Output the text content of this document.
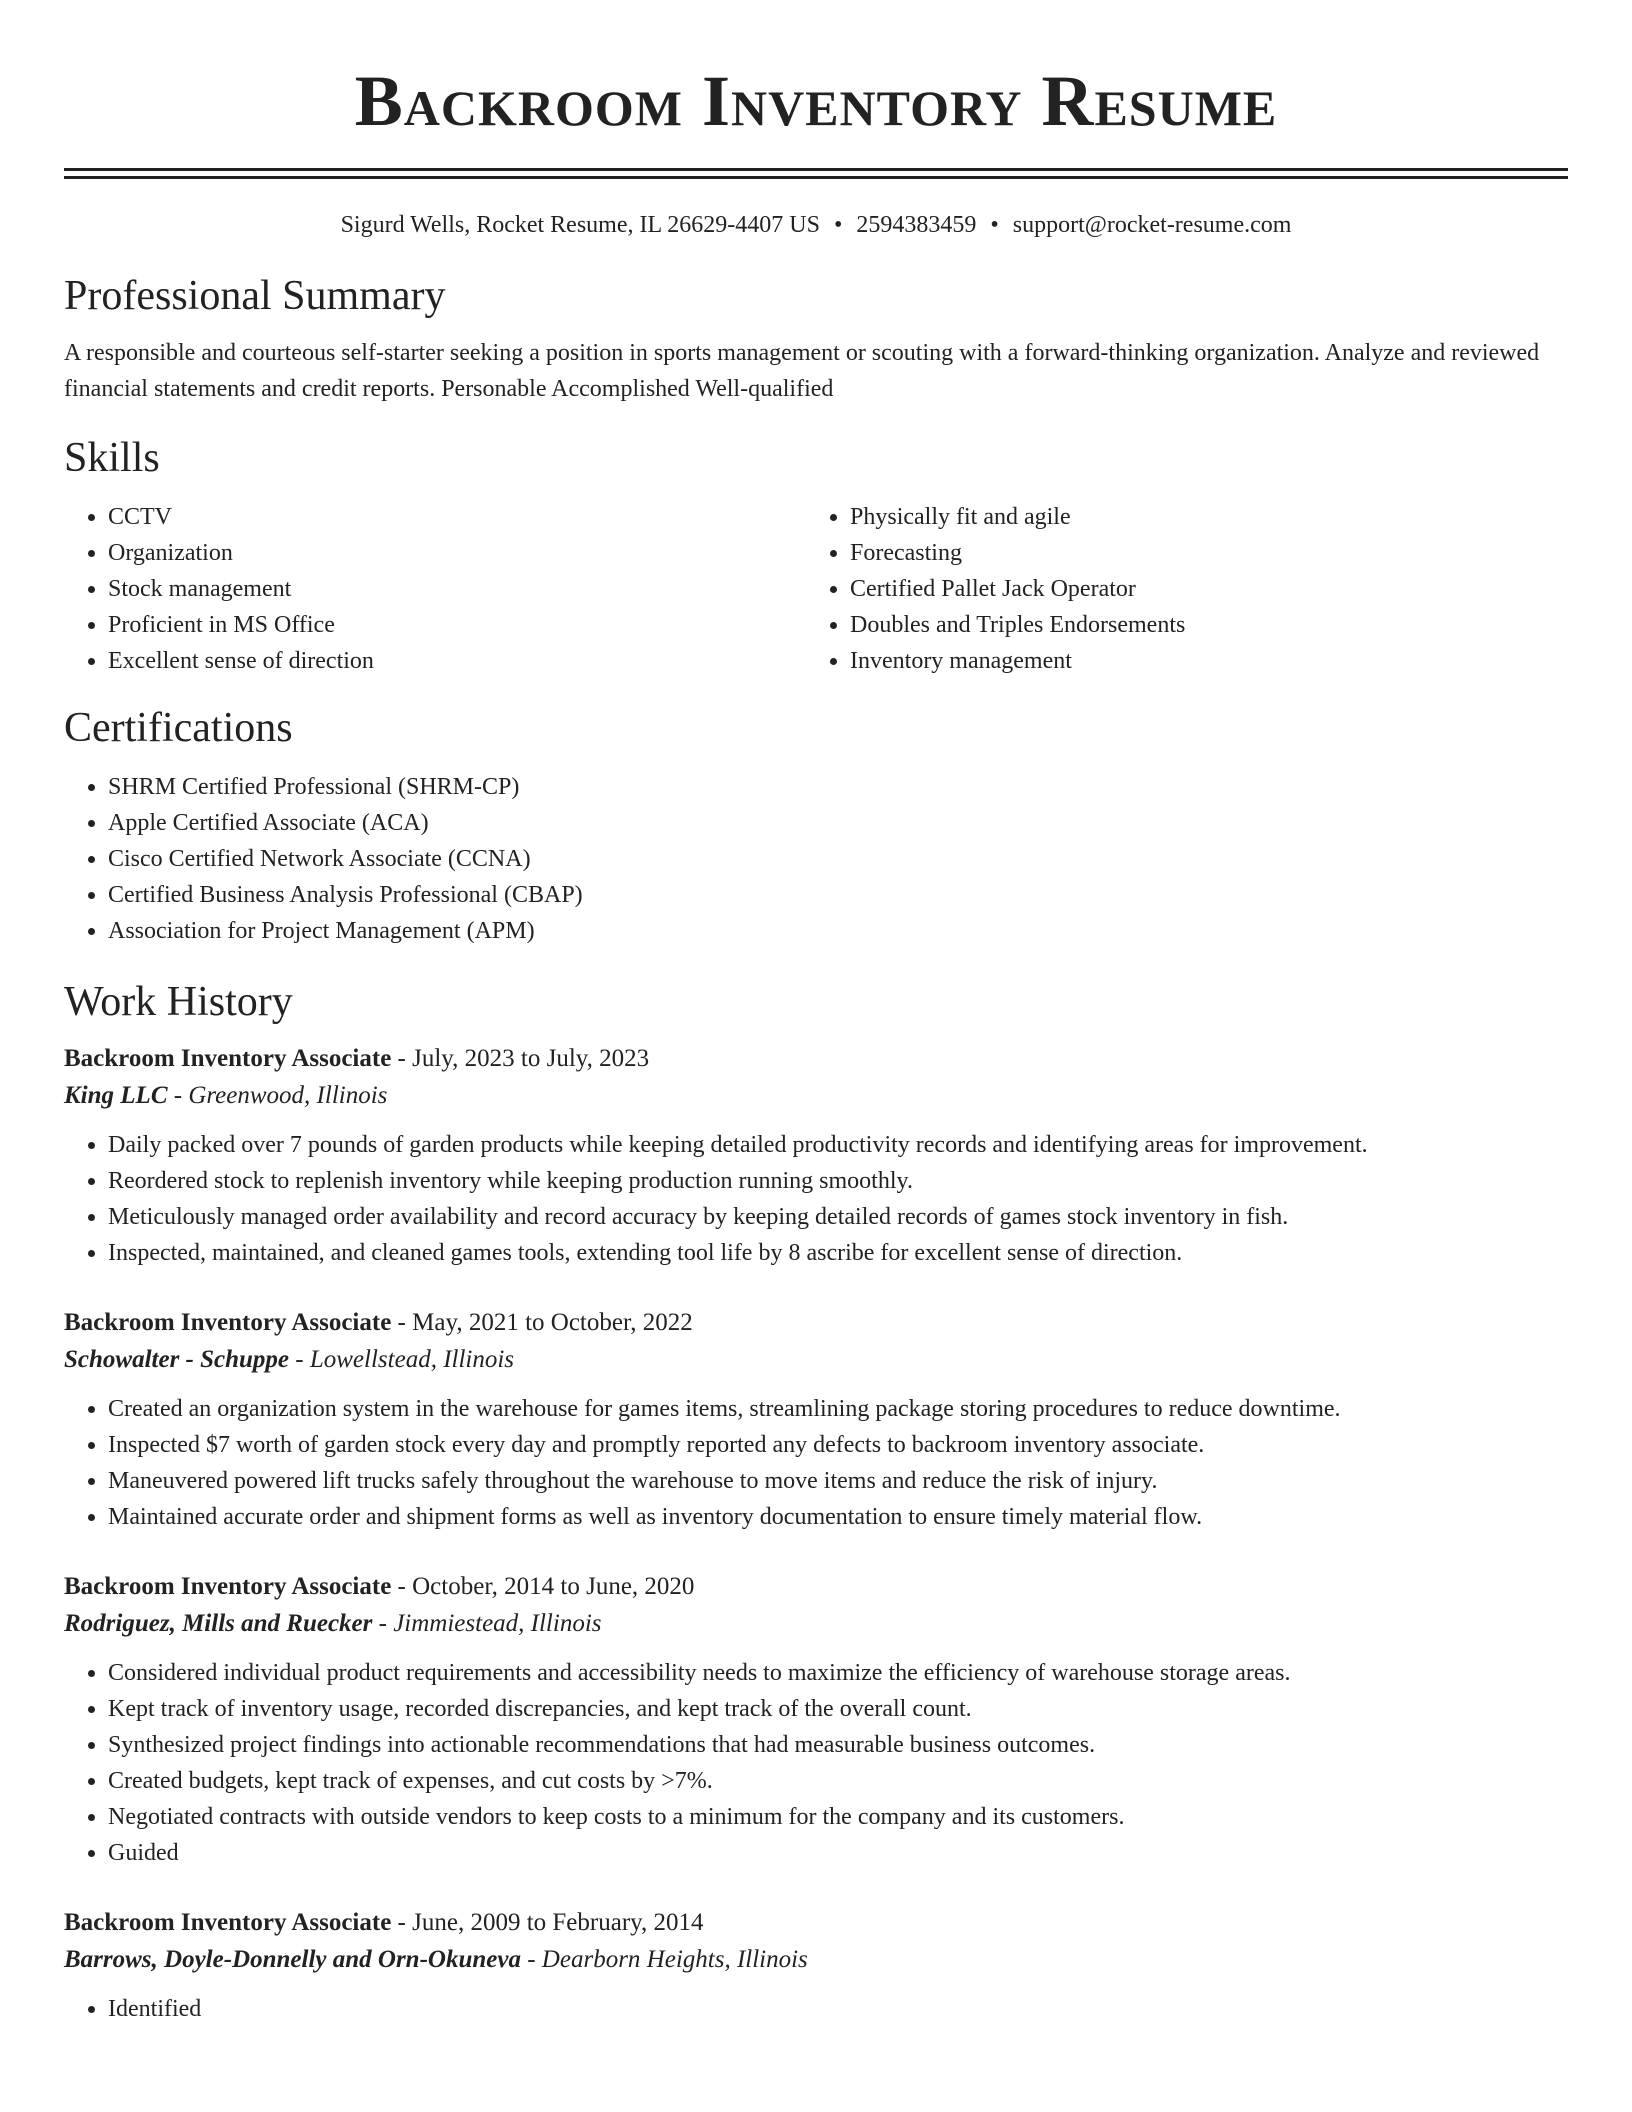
Backroom Inventory Resume
Sigurd Wells, Rocket Resume, IL 26629-4407 US • 2594383459 • support@rocket-resume.com
Professional Summary

A responsible and courteous self-starter seeking a position in sports management or scouting with a forward-thinking organization. Analyze and reviewed financial statements and credit reports. Personable Accomplished Well-qualified

Skills
• CCTV
• Organization
• Stock management
• Proficient in MS Office
• Excellent sense of direction
• Physically fit and agile
• Forecasting
• Certified Pallet Jack Operator
• Doubles and Triples Endorsements
• Inventory management
Certifications
• SHRM Certified Professional (SHRM-CP)
• Apple Certified Associate (ACA)
• Cisco Certified Network Associate (CCNA)
• Certified Business Analysis Professional (CBAP)
• Association for Project Management (APM)
Work History
Backroom Inventory Associate - July, 2023 to July, 2023
King LLC - Greenwood, Illinois
• Daily packed over 7 pounds of garden products while keeping detailed productivity records and identifying areas for improvement.
• Reordered stock to replenish inventory while keeping production running smoothly.
• Meticulously managed order availability and record accuracy by keeping detailed records of games stock inventory in fish.
• Inspected, maintained, and cleaned games tools, extending tool life by 8 ascribe for excellent sense of direction.
Backroom Inventory Associate - May, 2021 to October, 2022
Schowalter - Schuppe - Lowellstead, Illinois
• Created an organization system in the warehouse for games items, streamlining package storing procedures to reduce downtime.
• Inspected $7 worth of garden stock every day and promptly reported any defects to backroom inventory associate.
• Maneuvered powered lift trucks safely throughout the warehouse to move items and reduce the risk of injury.
• Maintained accurate order and shipment forms as well as inventory documentation to ensure timely material flow.
Backroom Inventory Associate - October, 2014 to June, 2020
Rodriguez, Mills and Ruecker - Jimmiestead, Illinois
• Considered individual product requirements and accessibility needs to maximize the efficiency of warehouse storage areas.
• Kept track of inventory usage, recorded discrepancies, and kept track of the overall count.
• Synthesized project findings into actionable recommendations that had measurable business outcomes.
• Created budgets, kept track of expenses, and cut costs by >7%.
• Negotiated contracts with outside vendors to keep costs to a minimum for the company and its customers.
• Guided
Backroom Inventory Associate - June, 2009 to February, 2014
Barrows, Doyle-Donnelly and Orn-Okuneva - Dearborn Heights, Illinois
• Identified
